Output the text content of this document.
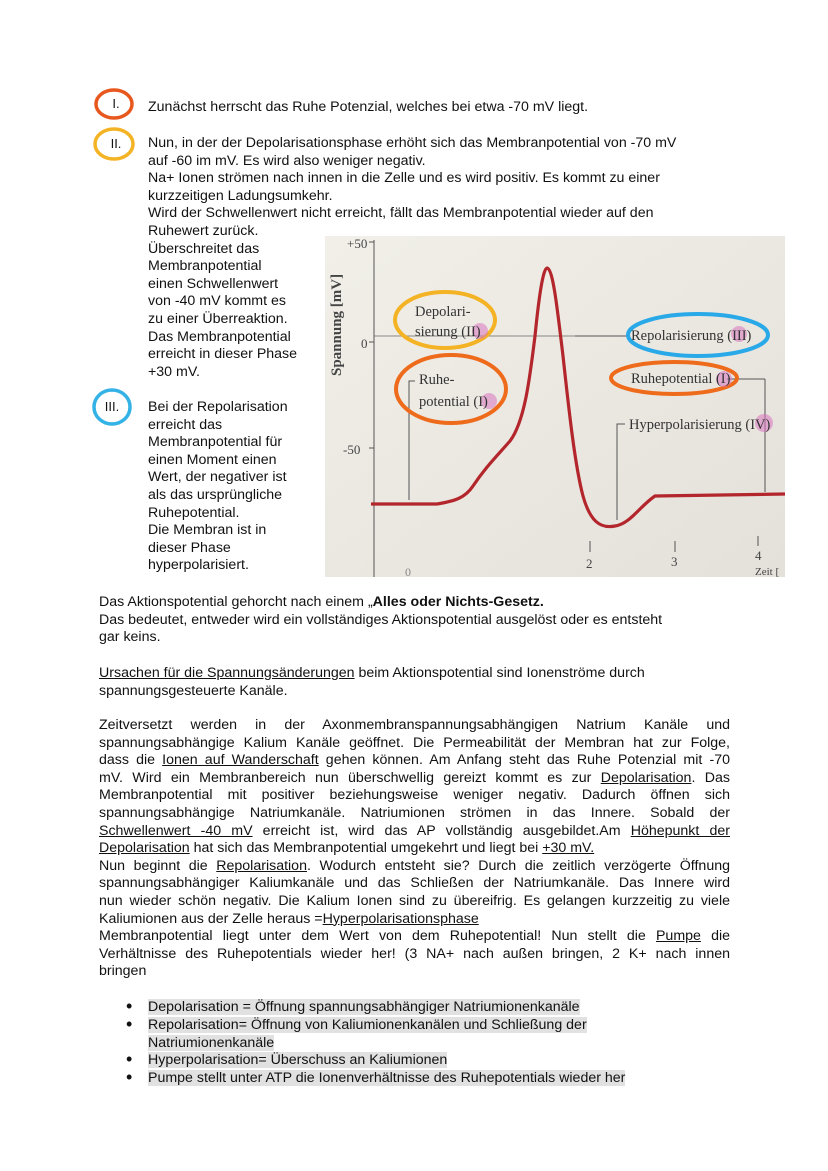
I.
II.
III.
Zunächst herrscht das Ruhe Potenzial, welches bei etwa -70 mV liegt.
Nun, in der der Depolarisationsphase erhöht sich das Membranpotential von -70 mV
auf -60 im mV. Es wird also weniger negativ.
Na+ Ionen strömen nach innen in die Zelle und es wird positiv. Es kommt zu einer
kurzzeitigen Ladungsumkehr.
Wird der Schwellenwert nicht erreicht, fällt das Membranpotential wieder auf den
Ruhewert zurück.
Überschreitet das
Membranpotential
einen Schwellenwert
von -40 mV kommt es
zu einer Überreaktion.
Das Membranpotential
erreicht in dieser Phase
+30 mV.
Bei der Repolarisation
erreicht das
Membranpotential für
einen Moment einen
Wert, der negativer ist
als das ursprüngliche
Ruhepotential.
Die Membran ist in
dieser Phase
hyperpolarisiert.
Spannung [mV]
+50
0
-50
0
2	3	4
Zeit [
Depolari-
sierung (II)
Ruhe-
potential (I)
Repolarisierung (III)
Ruhepotential (I)
Hyperpolarisierung (IV)
Das Aktionspotential gehorcht nach einem „Alles oder Nichts-Gesetz.
Das bedeutet, entweder wird ein vollständiges Aktionspotential ausgelöst oder es entsteht
gar keins.
Ursachen für die Spannungsänderungen beim Aktionspotential sind Ionenströme durch
spannungsgesteuerte Kanäle.
Zeitversetzt werden in der Axonmembranspannungsabhängigen Natrium Kanäle und
spannungsabhängige Kalium Kanäle geöffnet. Die Permeabilität der Membran hat zur Folge,
dass die Ionen auf Wanderschaft gehen können. Am Anfang steht das Ruhe Potenzial mit -70
mV. Wird ein Membranbereich nun überschwellig gereizt kommt es zur Depolarisation. Das
Membranpotential mit positiver beziehungsweise weniger negativ. Dadurch öffnen sich
spannungsabhängige Natriumkanäle. Natriumionen strömen in das Innere. Sobald der
Schwellenwert -40 mV erreicht ist, wird das AP vollständig ausgebildet.Am Höhepunkt der
Depolarisation hat sich das Membranpotential umgekehrt und liegt bei +30 mV.
Nun beginnt die Repolarisation. Wodurch entsteht sie? Durch die zeitlich verzögerte Öffnung
spannungsabhängiger Kaliumkanäle und das Schließen der Natriumkanäle. Das Innere wird
nun wieder schön negativ. Die Kalium Ionen sind zu übereifrig. Es gelangen kurzzeitig zu viele
Kaliumionen aus der Zelle heraus =Hyperpolarisationsphase
Membranpotential liegt unter dem Wert von dem Ruhepotential! Nun stellt die Pumpe die
Verhältnisse des Ruhepotentials wieder her! (3 NA+ nach außen bringen, 2 K+ nach innen
bringen
• Depolarisation = Öffnung spannungsabhängiger Natriumionenkanäle
• Repolarisation= Öffnung von Kaliumionenkanälen und Schließung der
Natriumionenkanäle
• Hyperpolarisation= Überschuss an Kaliumionen
• Pumpe stellt unter ATP die Ionenverhältnisse des Ruhepotentials wieder her
